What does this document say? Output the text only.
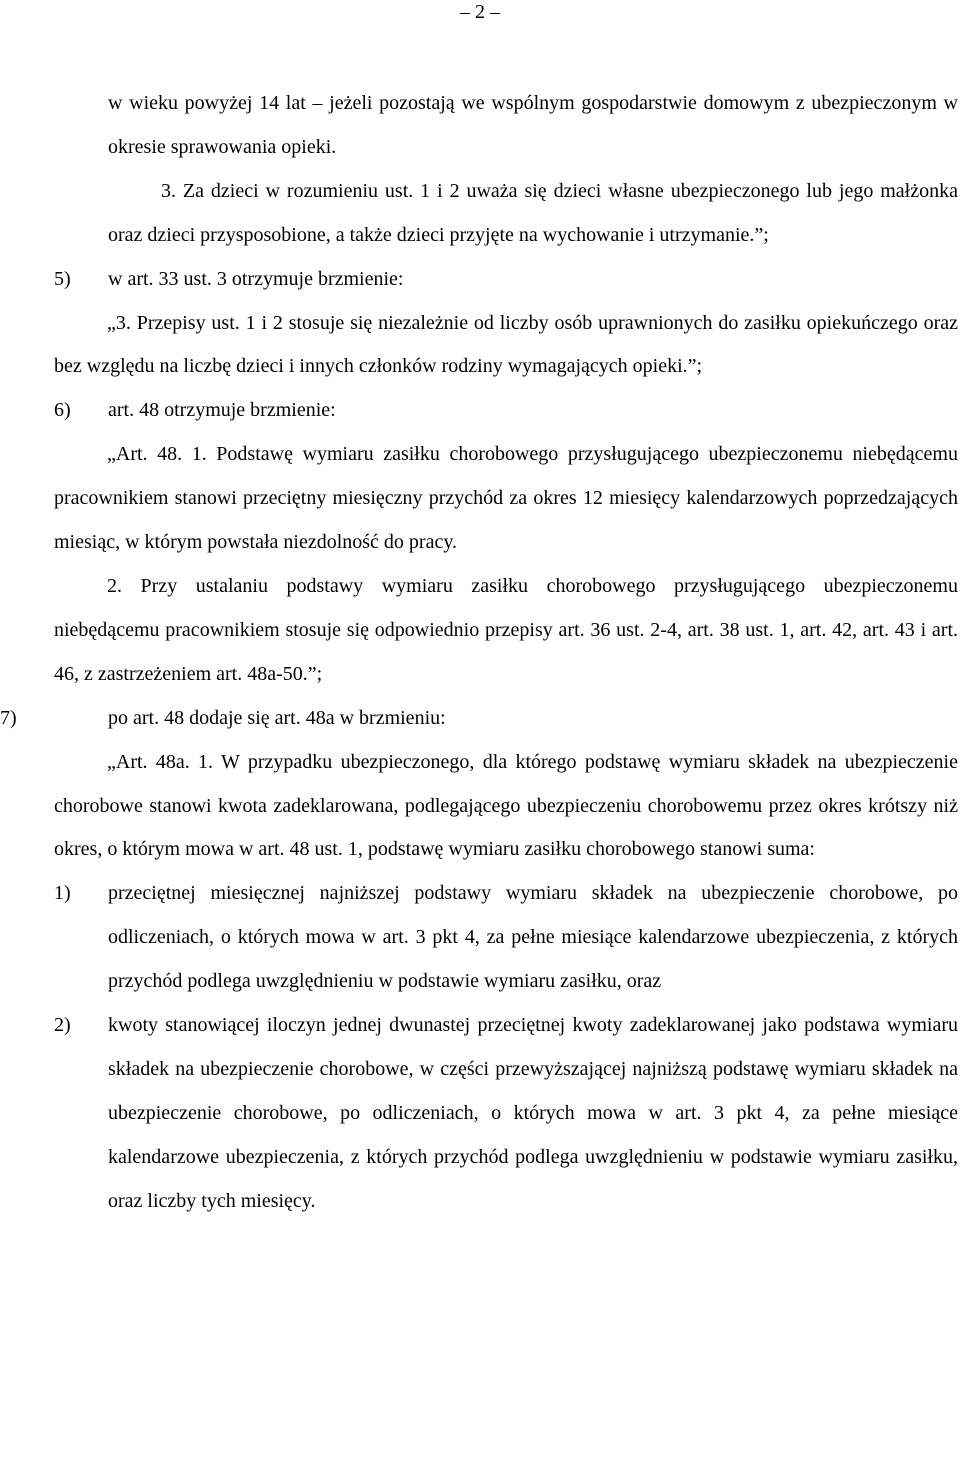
– 2 –

w wieku powyżej 14 lat – jeżeli pozostają we wspólnym gospodarstwie domowym z ubezpieczonym w okresie sprawowania opieki.

3. Za dzieci w rozumieniu ust. 1 i 2 uważa się dzieci własne ubezpieczonego lub jego małżonka oraz dzieci przysposobione, a także dzieci przyjęte na wychowanie i utrzymanie.”;

5) w art. 33 ust. 3 otrzymuje brzmienie:

„3. Przepisy ust. 1 i 2 stosuje się niezależnie od liczby osób uprawnionych do zasiłku opiekuńczego oraz bez względu na liczbę dzieci i innych członków rodziny wymagających opieki.”;

6) art. 48 otrzymuje brzmienie:

„Art. 48. 1. Podstawę wymiaru zasiłku chorobowego przysługującego ubezpieczonemu niebędącemu pracownikiem stanowi przeciętny miesięczny przychód za okres 12 miesięcy kalendarzowych poprzedzających miesiąc, w którym powstała niezdolność do pracy.

2. Przy ustalaniu podstawy wymiaru zasiłku chorobowego przysługującego ubezpieczonemu niebędącemu pracownikiem stosuje się odpowiednio przepisy art. 36 ust. 2-4, art. 38 ust. 1, art. 42, art. 43 i art. 46, z zastrzeżeniem art. 48a-50.”;

7)	po art. 48 dodaje się art. 48a w brzmieniu:

„Art. 48a. 1. W przypadku ubezpieczonego, dla którego podstawę wymiaru składek na ubezpieczenie chorobowe stanowi kwota zadeklarowana, podlegającego ubezpieczeniu chorobowemu przez okres krótszy niż okres, o którym mowa w art. 48 ust. 1, podstawę wymiaru zasiłku chorobowego stanowi suma:

1) przeciętnej miesięcznej najniższej podstawy wymiaru składek na ubezpieczenie chorobowe, po odliczeniach, o których mowa w art. 3 pkt 4, za pełne miesiące kalendarzowe ubezpieczenia, z których przychód podlega uwzględnieniu w podstawie wymiaru zasiłku, oraz
2) kwoty stanowiącej iloczyn jednej dwunastej przeciętnej kwoty zadeklarowanej jako podstawa wymiaru składek na ubezpieczenie chorobowe, w części przewyższającej najniższą podstawę wymiaru składek na ubezpieczenie chorobowe, po odliczeniach, o których mowa w art. 3 pkt 4, za pełne miesiące kalendarzowe ubezpieczenia, z których przychód podlega uwzględnieniu w podstawie wymiaru zasiłku, oraz liczby tych miesięcy.
